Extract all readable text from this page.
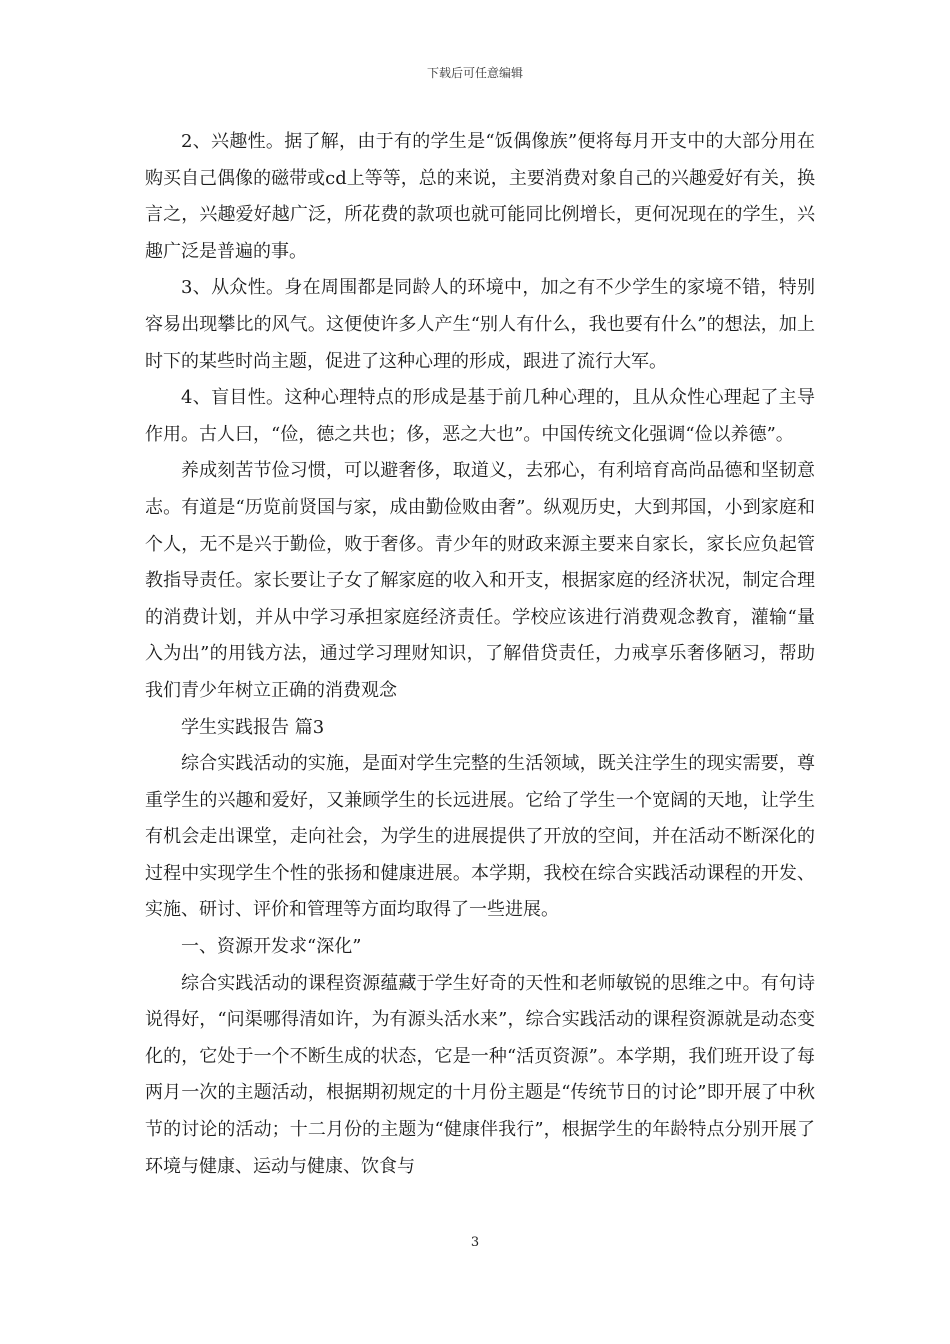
下载后可任意编辑

2、兴趣性。据了解，由于有的学生是“饭偶像族”便将每月开支中的大部分用在购买自己偶像的磁带或cd上等等，总的来说，主要消费对象自己的兴趣爱好有关，换言之，兴趣爱好越广泛，所花费的款项也就可能同比例增长，更何况现在的学生，兴趣广泛是普遍的事。

3、从众性。身在周围都是同龄人的环境中，加之有不少学生的家境不错，特别容易出现攀比的风气。这便使许多人产生“别人有什么，我也要有什么”的想法，加上时下的某些时尚主题，促进了这种心理的形成，跟进了流行大军。

4、盲目性。这种心理特点的形成是基于前几种心理的，且从众性心理起了主导作用。古人曰，“俭，德之共也；侈，恶之大也”。中国传统文化强调“俭以养德”。

养成刻苦节俭习惯，可以避奢侈，取道义，去邪心，有利培育高尚品德和坚韧意志。有道是“历览前贤国与家，成由勤俭败由奢”。纵观历史，大到邦国，小到家庭和个人，无不是兴于勤俭，败于奢侈。青少年的财政来源主要来自家长，家长应负起管教指导责任。家长要让子女了解家庭的收入和开支，根据家庭的经济状况，制定合理的消费计划，并从中学习承担家庭经济责任。学校应该进行消费观念教育，灌输“量入为出”的用钱方法，通过学习理财知识，了解借贷责任，力戒享乐奢侈陋习，帮助我们青少年树立正确的消费观念

学生实践报告 篇3

综合实践活动的实施，是面对学生完整的生活领域，既关注学生的现实需要，尊重学生的兴趣和爱好，又兼顾学生的长远进展。它给了学生一个宽阔的天地，让学生有机会走出课堂，走向社会，为学生的进展提供了开放的空间，并在活动不断深化的过程中实现学生个性的张扬和健康进展。本学期，我校在综合实践活动课程的开发、实施、研讨、评价和管理等方面均取得了一些进展。

一、资源开发求“深化”

综合实践活动的课程资源蕴藏于学生好奇的天性和老师敏锐的思维之中。有句诗说得好，“问渠哪得清如许，为有源头活水来”，综合实践活动的课程资源就是动态变化的，它处于一个不断生成的状态，它是一种“活页资源”。本学期，我们班开设了每两月一次的主题活动，根据期初规定的十月份主题是“传统节日的讨论”即开展了中秋节的讨论的活动；十二月份的主题为“健康伴我行”，根据学生的年龄特点分别开展了环境与健康、运动与健康、饮食与

3
